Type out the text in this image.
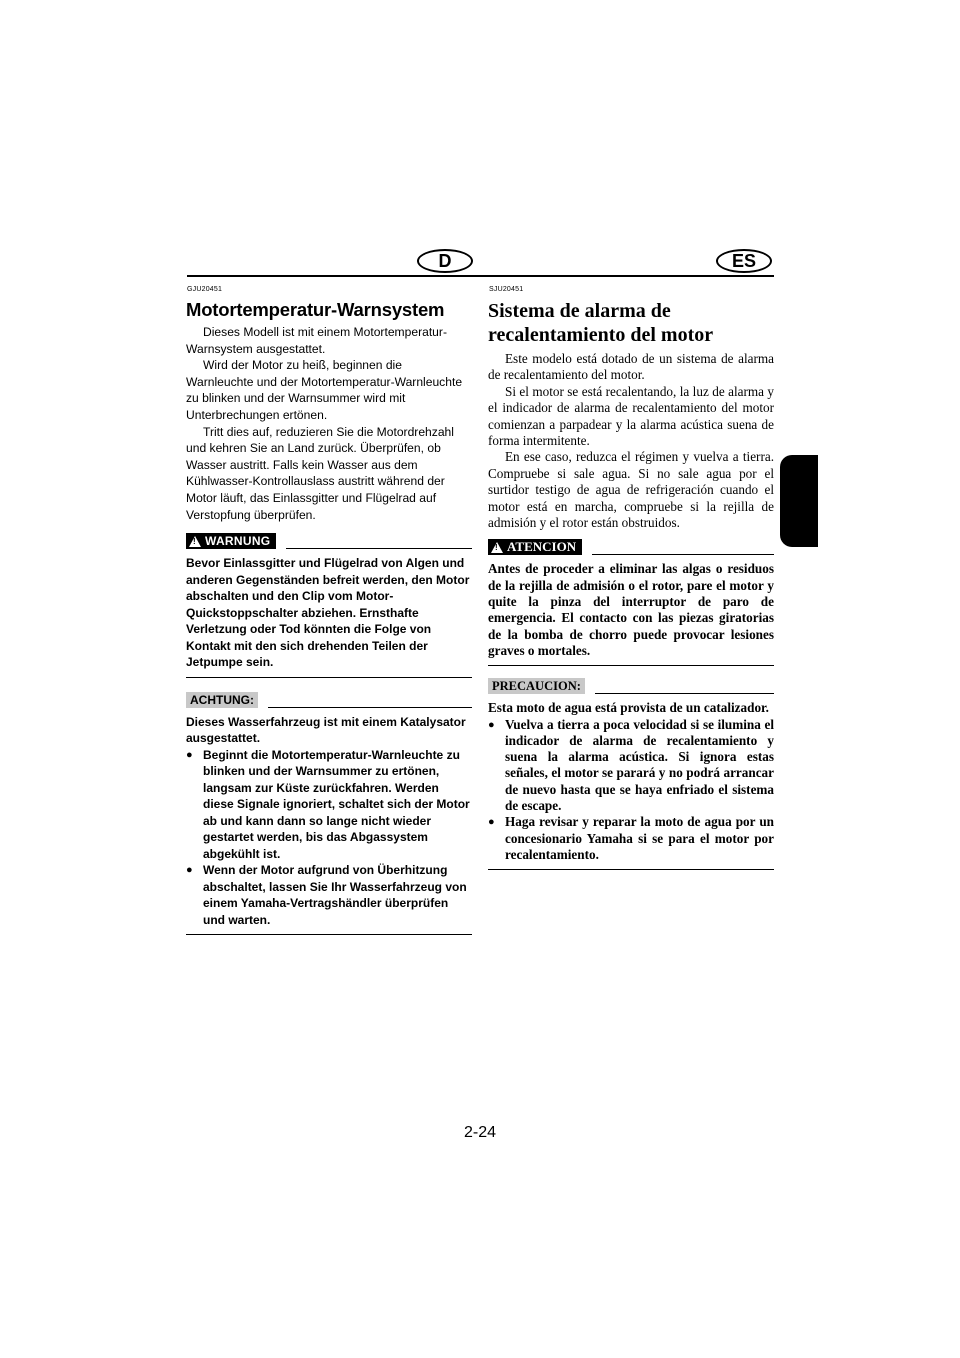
D	ES
GJU20451
Motortemperatur-Warnsystem

Dieses Modell ist mit einem Motortemperatur-Warnsystem ausgestattet.

Wird der Motor zu heiß, beginnen die Warnleuchte und der Motortemperatur-Warnleuchte zu blinken und der Warnsummer wird mit Unterbrechungen ertönen.

Tritt dies auf, reduzieren Sie die Motordrehzahl und kehren Sie an Land zurück. Überprüfen, ob Wasser austritt. Falls kein Wasser aus dem Kühlwasser-Kontrollauslass austritt während der Motor läuft, das Einlassgitter und Flügelrad auf Verstopfung überprüfen.

!
WARNUNG
Bevor Einlassgitter und Flügelrad von Algen und anderen Gegenständen befreit werden, den Motor abschalten und den Clip vom Motor-Quickstoppschalter abziehen. Ernsthafte Verletzung oder Tod könnten die Folge von Kontakt mit den sich drehenden Teilen der Jetpumpe sein.
ACHTUNG:
Dieses Wasserfahrzeug ist mit einem Katalysator ausgestattet.
● Beginnt die Motortemperatur-Warnleuchte zu blinken und der Warnsummer zu ertönen, langsam zur Küste zurückfahren. Werden diese Signale ignoriert, schaltet sich der Motor ab und kann dann so lange nicht wieder gestartet werden, bis das Abgassystem abgekühlt ist.
● Wenn der Motor aufgrund von Überhitzung abschaltet, lassen Sie Ihr Wasserfahrzeug von einem Yamaha-Vertragshändler überprüfen und warten.
SJU20451
Sistema de alarma de
recalentamiento del motor

Este modelo está dotado de un sistema de alarma de recalentamiento del motor.

Si el motor se está recalentando, la luz de alarma y el indicador de alarma de recalentamiento del motor comienzan a parpadear y la alarma acústica suena de forma intermitente.

En ese caso, reduzca el régimen y vuelva a tierra. Compruebe si sale agua. Si no sale agua por el surtidor testigo de agua de refrigeración cuando el motor está en marcha, compruebe si la rejilla de admisión y el rotor están obstruidos.

!
ATENCION
Antes de proceder a eliminar las algas o residuos de la rejilla de admisión o el rotor, pare el motor y quite la pinza del interruptor de paro de emergencia. El contacto con las piezas giratorias de la bomba de chorro puede provocar lesiones graves o mortales.
PRECAUCION:
Esta moto de agua está provista de un catalizador.
● Vuelva a tierra a poca velocidad si se ilumina el indicador de alarma de recalentamiento y suena la alarma acústica. Si ignora estas señales, el motor se parará y no podrá arrancar de nuevo hasta que se haya enfriado el sistema de escape.
● Haga revisar y reparar la moto de agua por un concesionario Yamaha si se para el motor por recalentamiento.
2-24
